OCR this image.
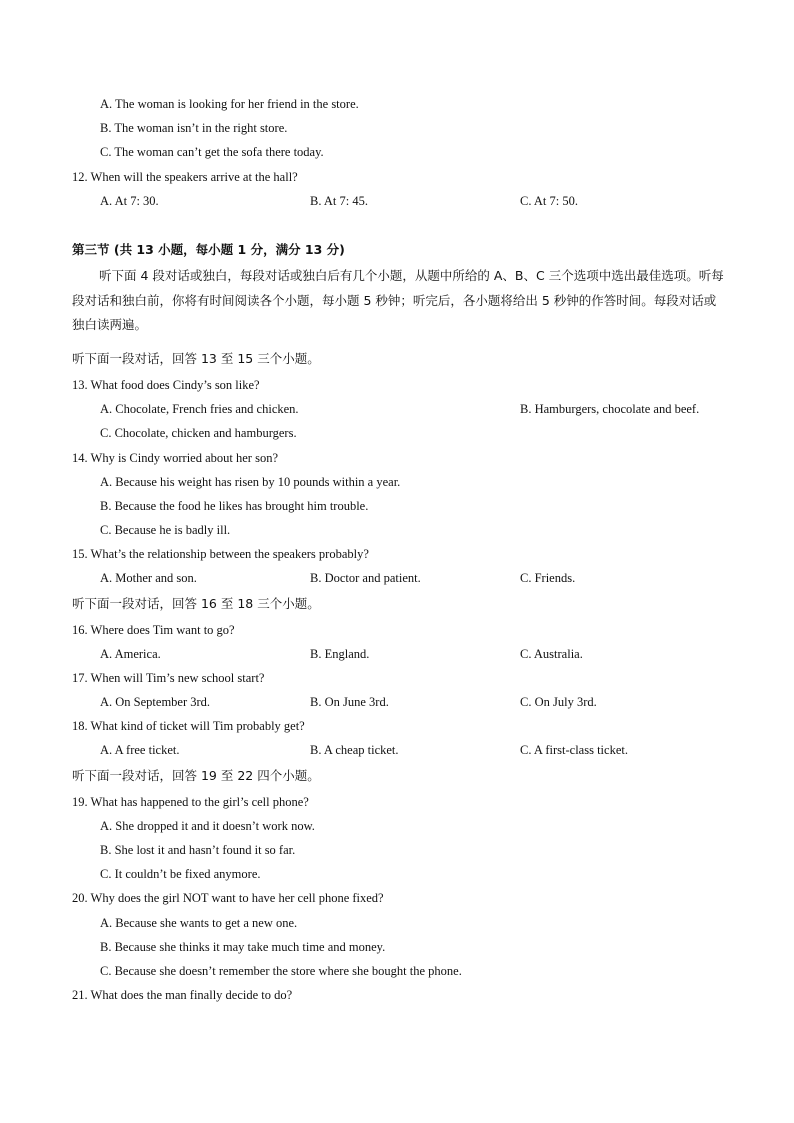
A. The woman is looking for her friend in the store.
B. The woman isn’t in the right store.
C. The woman can’t get the sofa there today.
12. When will the speakers arrive at the hall?
A. At 7: 30.	B. At 7: 45.	C. At 7: 50.
第三节 (共 13 小题，每小题 1 分，满分 13 分)
听下面 4 段对话或独白，每段对话或独白后有几个小题，从题中所给的 A、B、C 三个选项中选出最佳选项。听每段对话和独白前，你将有时间阅读各个小题，每小题 5 秒钟；听完后，各小题将给出 5 秒钟的作答时间。每段对话或独白读两遍。
听下面一段对话，回答 13 至 15 三个小题。
13. What food does Cindy’s son like?
A. Chocolate, French fries and chicken.	B. Hamburgers, chocolate and beef.
C. Chocolate, chicken and hamburgers.
14. Why is Cindy worried about her son?
A. Because his weight has risen by 10 pounds within a year.
B. Because the food he likes has brought him trouble.
C. Because he is badly ill.
15. What’s the relationship between the speakers probably?
A. Mother and son.	B. Doctor and patient.	C. Friends.
听下面一段对话，回答 16 至 18 三个小题。
16. Where does Tim want to go?
A. America.	B. England.	C. Australia.
17. When will Tim’s new school start?
A. On September 3rd.	B. On June 3rd.	C. On July 3rd.
18. What kind of ticket will Tim probably get?
A. A free ticket.	B. A cheap ticket.	C. A first-class ticket.
听下面一段对话，回答 19 至 22 四个小题。
19. What has happened to the girl’s cell phone?
A. She dropped it and it doesn’t work now.
B. She lost it and hasn’t found it so far.
C. It couldn’t be fixed anymore.
20. Why does the girl NOT want to have her cell phone fixed?
A. Because she wants to get a new one.
B. Because she thinks it may take much time and money.
C. Because she doesn’t remember the store where she bought the phone.
21. What does the man finally decide to do?
